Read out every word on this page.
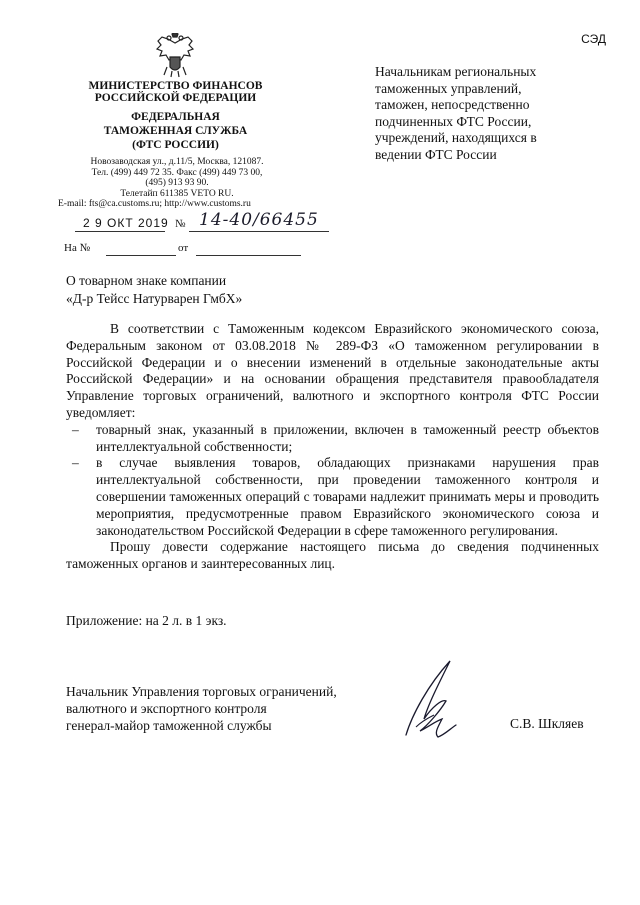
СЭД
МИНИСТЕРСТВО ФИНАНСОВ
РОССИЙСКОЙ ФЕДЕРАЦИИ
ФЕДЕРАЛЬНАЯ
ТАМОЖЕННАЯ СЛУЖБА
(ФТС РОССИИ)
Новозаводская ул., д.11/5, Москва, 121087.
Тел. (499) 449 72 35. Факс (499) 449 73 00,
(495) 913 93 90.
Телетайп 611385 VETO RU.
E-mail: fts@ca.customs.ru; http://www.customs.ru
2 9 ОКТ 2019 № 14-40/66455
На №	от
Начальникам региональных
таможенных управлений,
таможен, непосредственно
подчиненных ФТС России,
учреждений, находящихся в
ведении ФТС России
О товарном знаке компании
«Д-р Тейсс Натурварен ГмбХ»

В соответствии с Таможенным кодексом Евразийского экономического союза, Федеральным законом от 03.08.2018 № 289-ФЗ «О таможенном регулировании в Российской Федерации и о внесении изменений в отдельные законодательные акты Российской Федерации» и на основании обращения представителя правообладателя Управление торговых ограничений, валютного и экспортного контроля ФТС России уведомляет:

– товарный знак, указанный в приложении, включен в таможенный реестр объектов интеллектуальной собственности;
– в случае выявления товаров, обладающих признаками нарушения прав интеллектуальной собственности, при проведении таможенного контроля и совершении таможенных операций с товарами надлежит принимать меры и проводить мероприятия, предусмотренные правом Евразийского экономического союза и законодательством Российской Федерации в сфере таможенного регулирования.

Прошу довести содержание настоящего письма до сведения подчиненных таможенных органов и заинтересованных лиц.

Приложение: на 2 л. в 1 экз.
Начальник Управления торговых ограничений,
валютного и экспортного контроля
генерал-майор таможенной службы	С.В. Шкляев
